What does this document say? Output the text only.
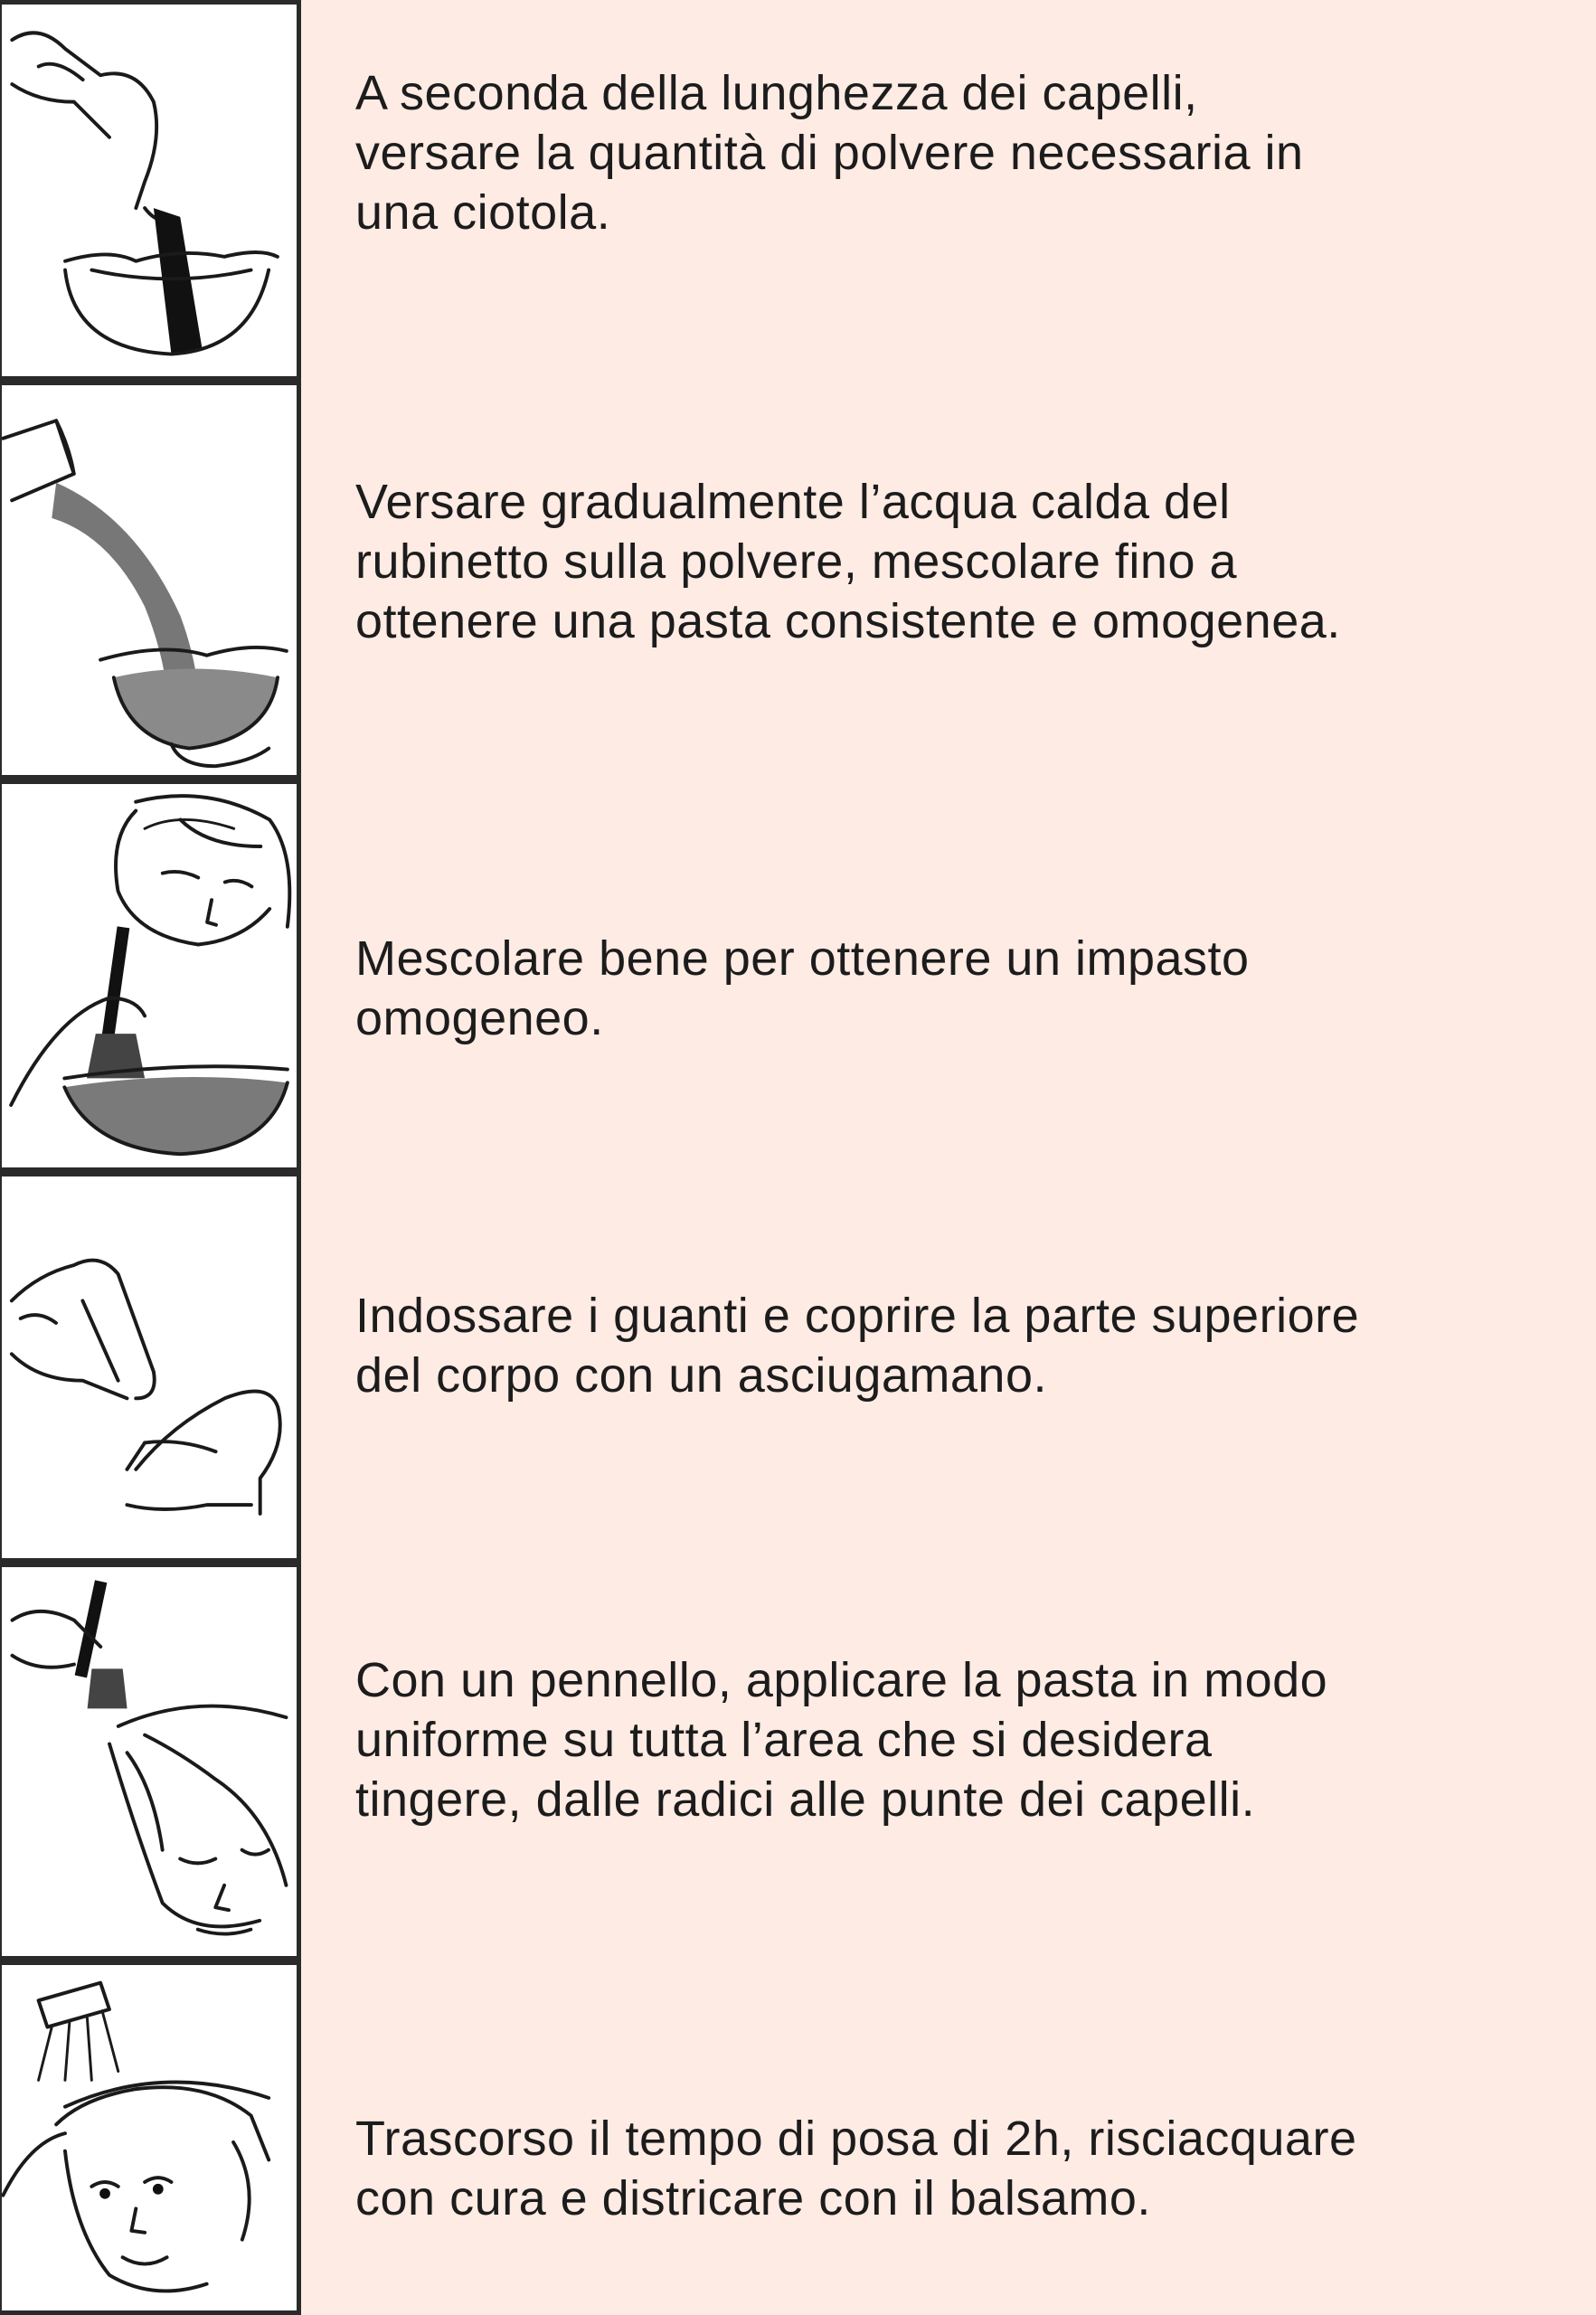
A seconda della lunghezza dei capelli,
versare la quantità di polvere necessaria in
una ciotola.

Versare gradualmente l’acqua calda del
rubinetto sulla polvere, mescolare fino a
ottenere una pasta consistente e omogenea.

Mescolare bene per ottenere un impasto
omogeneo.

Indossare i guanti e coprire la parte superiore
del corpo con un asciugamano.

Con un pennello, applicare la pasta in modo
uniforme su tutta l’area che si desidera
tingere, dalle radici alle punte dei capelli.

Trascorso il tempo di posa di 2h, risciacquare
con cura e districare con il balsamo.
